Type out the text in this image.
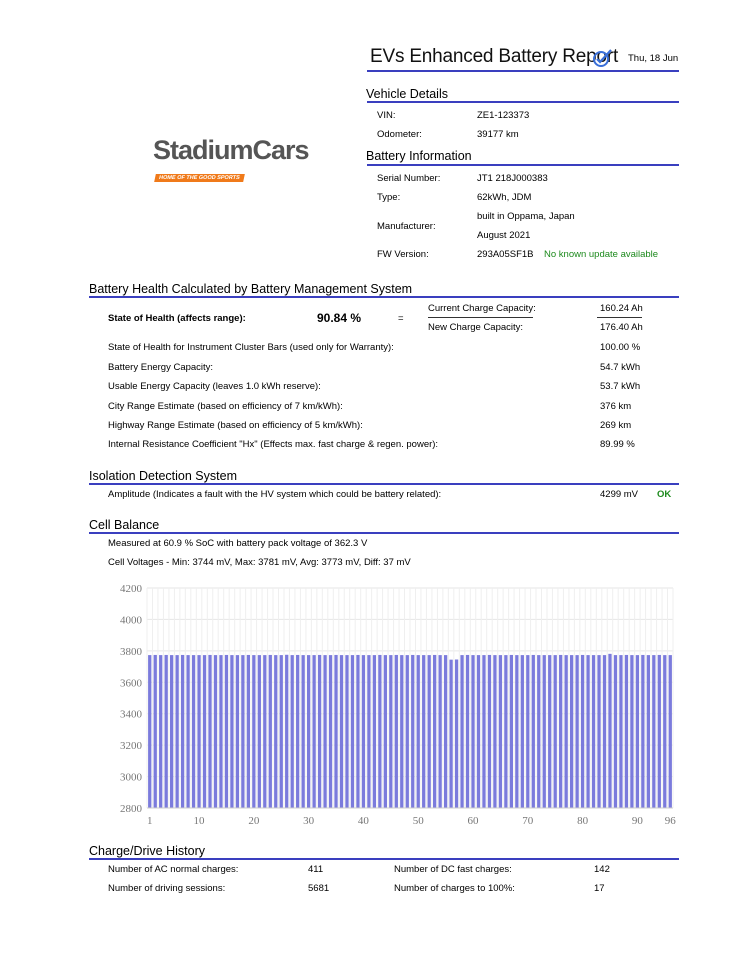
EVs Enhanced Battery Report Thu, 18 Jun
StadiumCars
HOME OF THE GOOD SPORTS
Vehicle Details
VIN:	ZE1-123373
Odometer:	39177 km
Battery Information
Serial Number:	JT1 218J000383
Type:	62kWh, JDM
Manufacturer:
built in Oppama, Japan
August 2021
FW Version:	293A05SF1B No known update available
Battery Health Calculated by Battery Management System
State of Health (affects range):	90.84 %	=
Current Charge Capacity:	160.24 Ah
New Charge Capacity:	176.40 Ah
State of Health for Instrument Cluster Bars (used only for Warranty):	100.00 %
Battery Energy Capacity:	54.7 kWh
Usable Energy Capacity (leaves 1.0 kWh reserve):	53.7 kWh
City Range Estimate (based on efficiency of 7 km/kWh):	376 km
Highway Range Estimate (based on efficiency of 5 km/kWh):	269 km
Internal Resistance Coefficient "Hx" (Effects max. fast charge & regen. power):	89.99 %
Isolation Detection System
Amplitude (Indicates a fault with the HV system which could be battery related):	4299 mV OK
Cell Balance
Measured at 60.9 % SoC with battery pack voltage of 362.3 V
Cell Voltages - Min: 3744 mV, Max: 3781 mV, Avg: 3773 mV, Diff: 37 mV
2800
3000
3200
3400
3600
3800
4000
4200
1	10	20	30	40	50	60	70	80	90 96
Charge/Drive History
Number of AC normal charges:	411	Number of DC fast charges:	142
Number of driving sessions:	5681	Number of charges to 100%:	17
